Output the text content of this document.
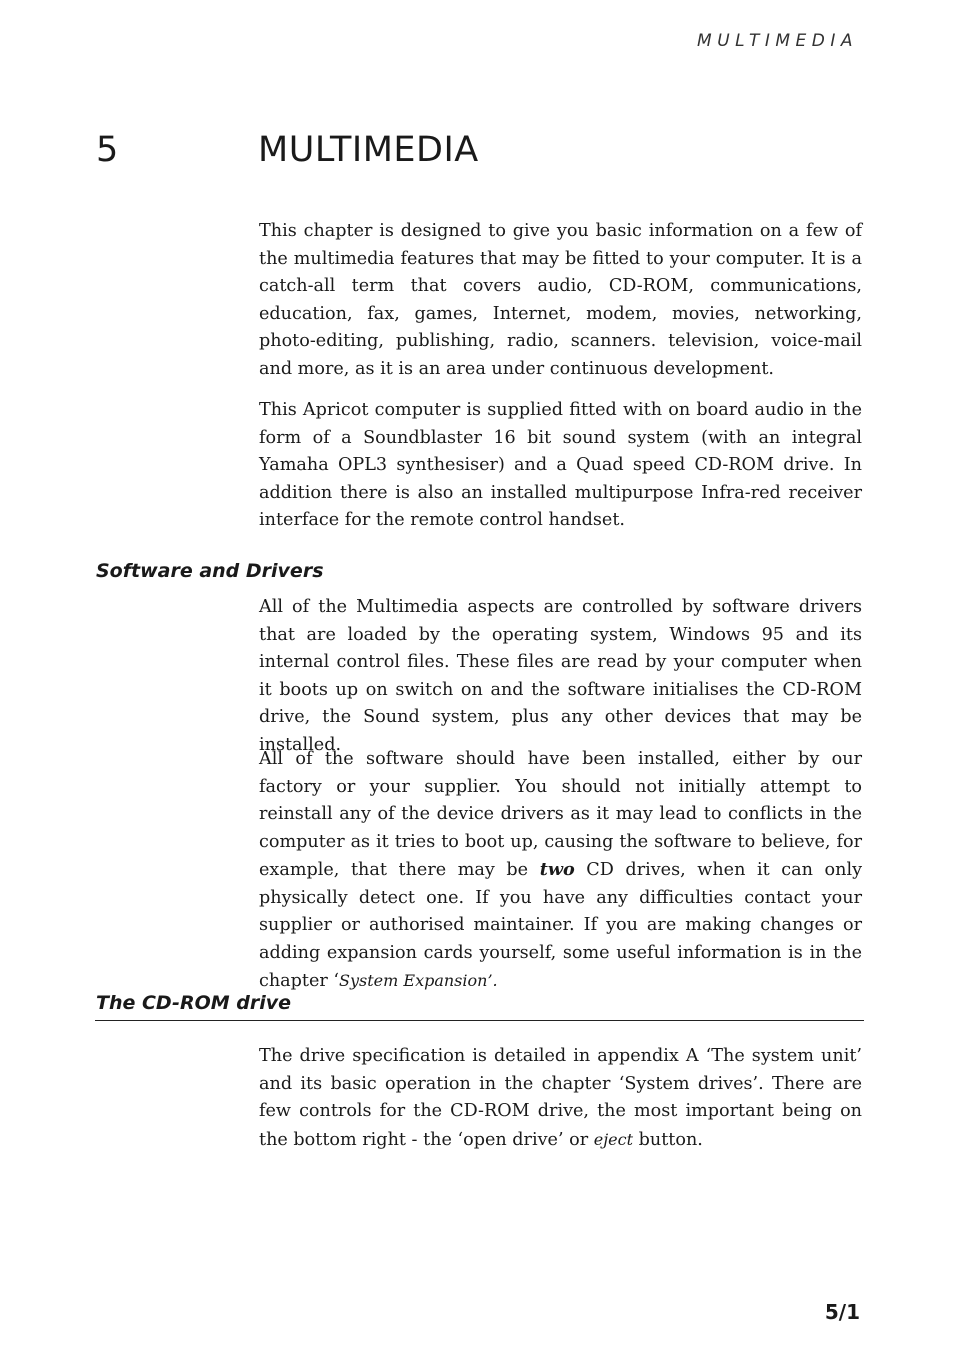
MULTIMEDIA
5	MULTIMEDIA

This chapter is designed to give you basic information on a few of the multimedia features that may be fitted to your computer. It is a catch-all term that covers audio, CD-ROM, communications, education, fax, games, Internet, modem, movies, networking, photo-editing, publishing, radio, scanners. television, voice-mail and more, as it is an area under continuous development.

This Apricot computer is supplied fitted with on board audio in the form of a Soundblaster 16 bit sound system (with an integral Yamaha OPL3 synthesiser) and a Quad speed CD-ROM drive. In addition there is also an installed multipurpose Infra-red receiver interface for the remote control handset.

Software and Drivers

All of the Multimedia aspects are controlled by software drivers that are loaded by the operating system, Windows 95 and its internal control files. These files are read by your computer when it boots up on switch on and the software initialises the CD-ROM drive, the Sound system, plus any other devices that may be installed.

All of the software should have been installed, either by our factory or your supplier. You should not initially attempt to reinstall any of the device drivers as it may lead to conflicts in the computer as it tries to boot up, causing the software to believe, for example, that there may be two CD drives, when it can only physically detect one. If you have any difficulties contact your supplier or authorised maintainer. If you are making changes or adding expansion cards yourself, some useful information is in the chapter ‘System Expansion’.

The CD-ROM drive

The drive specification is detailed in appendix A ‘The system unit’ and its basic operation in the chapter ‘System drives’. There are few controls for the CD-ROM drive, the most important being on the bottom right - the ‘open drive’ or eject button.

5/1
